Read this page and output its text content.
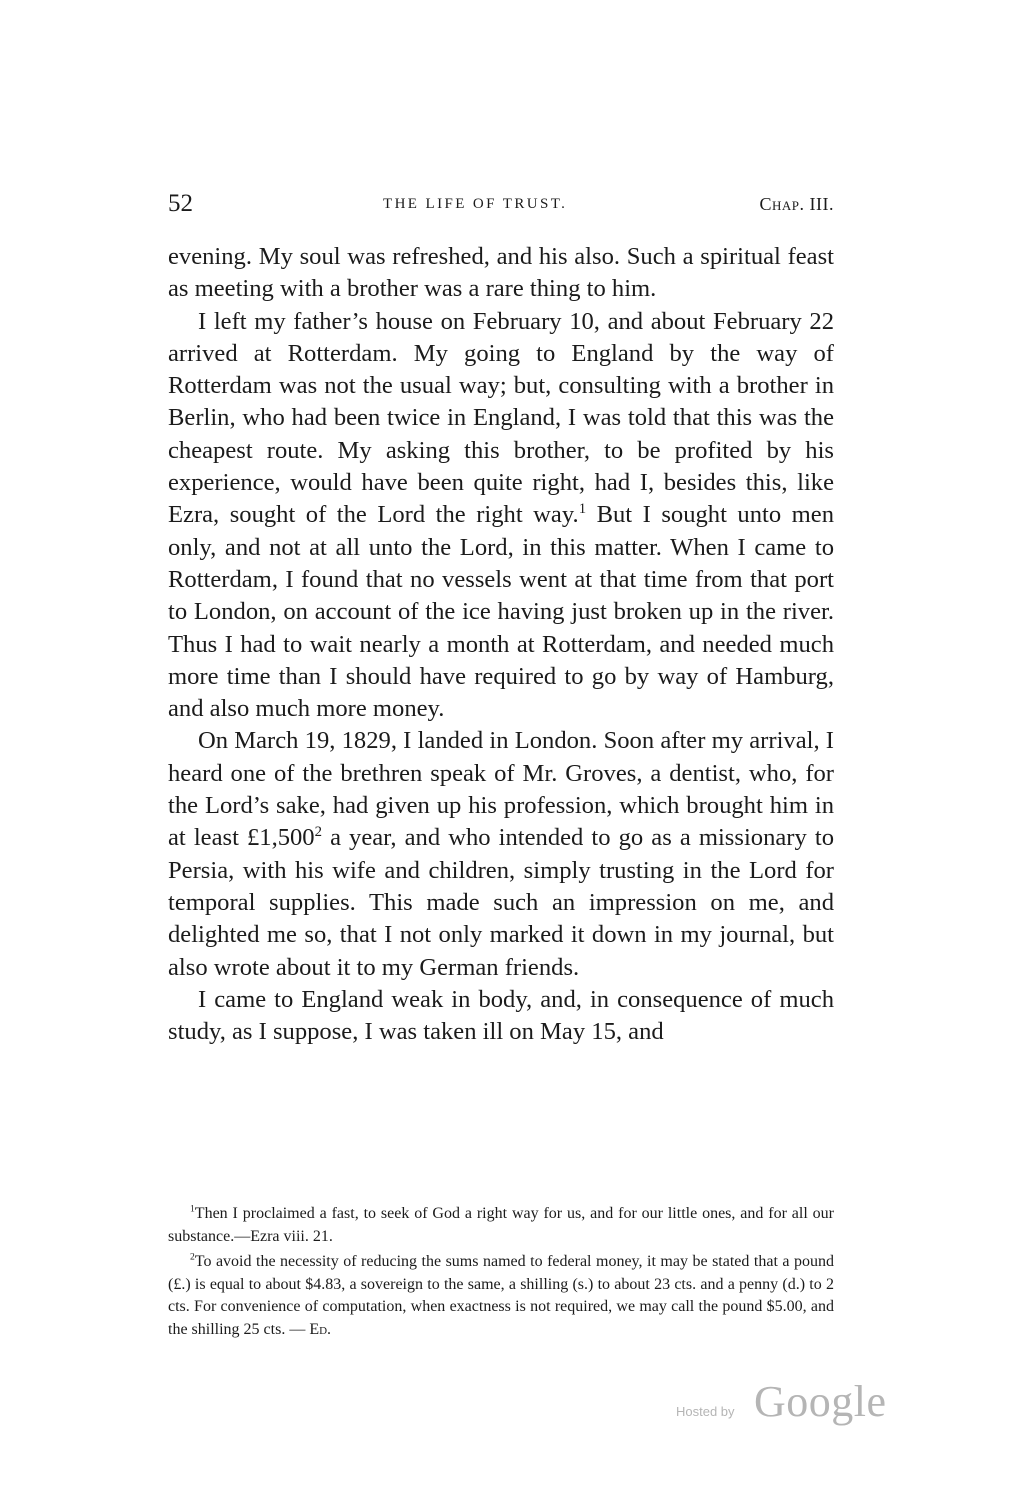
52	THE LIFE OF TRUST.	Chap. III.

evening. My soul was refreshed, and his also. Such a spiritual feast as meeting with a brother was a rare thing to him.

I left my father’s house on February 10, and about February 22 arrived at Rotterdam. My going to England by the way of Rotterdam was not the usual way; but, consulting with a brother in Berlin, who had been twice in England, I was told that this was the cheapest route. My asking this brother, to be profited by his experience, would have been quite right, had I, besides this, like Ezra, sought of the Lord the right way.$^1$ But I sought unto men only, and not at all unto the Lord, in this matter. When I came to Rotterdam, I found that no vessels went at that time from that port to London, on account of the ice having just broken up in the river. Thus I had to wait nearly a month at Rotterdam, and needed much more time than I should have required to go by way of Hamburg, and also much more money.

On March 19, 1829, I landed in London. Soon after my arrival, I heard one of the brethren speak of Mr. Groves, a dentist, who, for the Lord’s sake, had given up his profession, which brought him in at least £1,500$^2$ a year, and who intended to go as a missionary to Persia, with his wife and children, simply trusting in the Lord for temporal supplies. This made such an impression on me, and delighted me so, that I not only marked it down in my journal, but also wrote about it to my German friends.

I came to England weak in body, and, in consequence of much study, as I suppose, I was taken ill on May 15, and

$^1$Then I proclaimed a fast, to seek of God a right way for us, and for our little ones, and for all our substance.—Ezra viii. 21.

$^2$To avoid the necessity of reducing the sums named to federal money, it may be stated that a pound (£.) is equal to about $4.83, a sovereign to the same, a shilling (s.) to about 23 cts. and a penny (d.) to 2 cts. For convenience of computation, when exactness is not required, we may call the pound $5.00, and the shilling 25 cts. — Ed.

Hosted by Google
